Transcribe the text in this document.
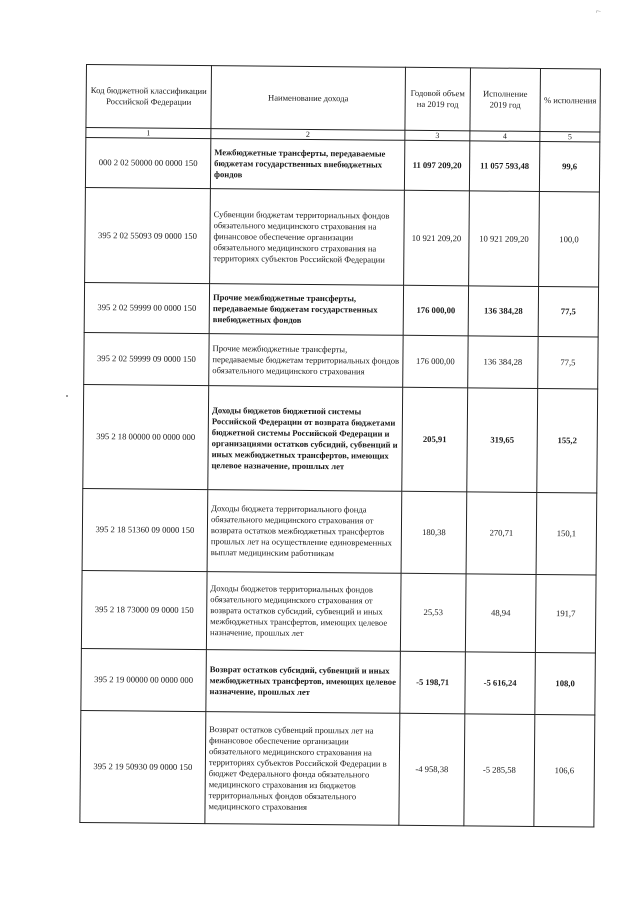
⌐
Код бюджетной классификации Российской Федерации	Наименование дохода	Годовой объем на 2019 год	Исполнение 2019 год	% исполнения
1	2	3	4	5
000 2 02 50000 00 0000 150	Межбюджетные трансферты, передаваемые бюджетам государственных внебюджетных фондов	11 097 209,20	11 057 593,48	99,6
395 2 02 55093 09 0000 150	Субвенции бюджетам территориальных фондов обязательного медицинского страхования на финансовое обеспечение организации обязательного медицинского страхования на территориях субъектов Российской Федерации	10 921 209,20	10 921 209,20	100,0
395 2 02 59999 00 0000 150	Прочие межбюджетные трансферты, передаваемые бюджетам государственных внебюджетных фондов	176 000,00	136 384,28	77,5
395 2 02 59999 09 0000 150	Прочие межбюджетные трансферты, передаваемые бюджетам территориальных фондов обязательного медицинского страхования	176 000,00	136 384,28	77,5
395 2 18 00000 00 0000 000	Доходы бюджетов бюджетной системы Российской Федерации от возврата бюджетами бюджетной системы Российской Федерации и организациями остатков субсидий, субвенций и иных межбюджетных трансфертов, имеющих целевое назначение, прошлых лет	205,91	319,65	155,2
395 2 18 51360 09 0000 150	Доходы бюджета территориального фонда обязательного медицинского страхования от возврата остатков межбюджетных трансфертов прошлых лет на осуществление единовременных выплат медицинским работникам	180,38	270,71	150,1
395 2 18 73000 09 0000 150	Доходы бюджетов территориальных фондов обязательного медицинского страхования от возврата остатков субсидий, субвенций и иных межбюджетных трансфертов, имеющих целевое назначение, прошлых лет	25,53	48,94	191,7
395 2 19 00000 00 0000 000	Возврат остатков субсидий, субвенций и иных межбюджетных трансфертов, имеющих целевое назначение, прошлых лет	-5 198,71	-5 616,24	108,0
395 2 19 50930 09 0000 150	Возврат остатков субвенций прошлых лет на финансовое обеспечение организации обязательного медицинского страхования на территориях субъектов Российской Федерации в бюджет Федерального фонда обязательного медицинского страхования из бюджетов территориальных фондов обязательного медицинского страхования	-4 958,38	-5 285,58	106,6
